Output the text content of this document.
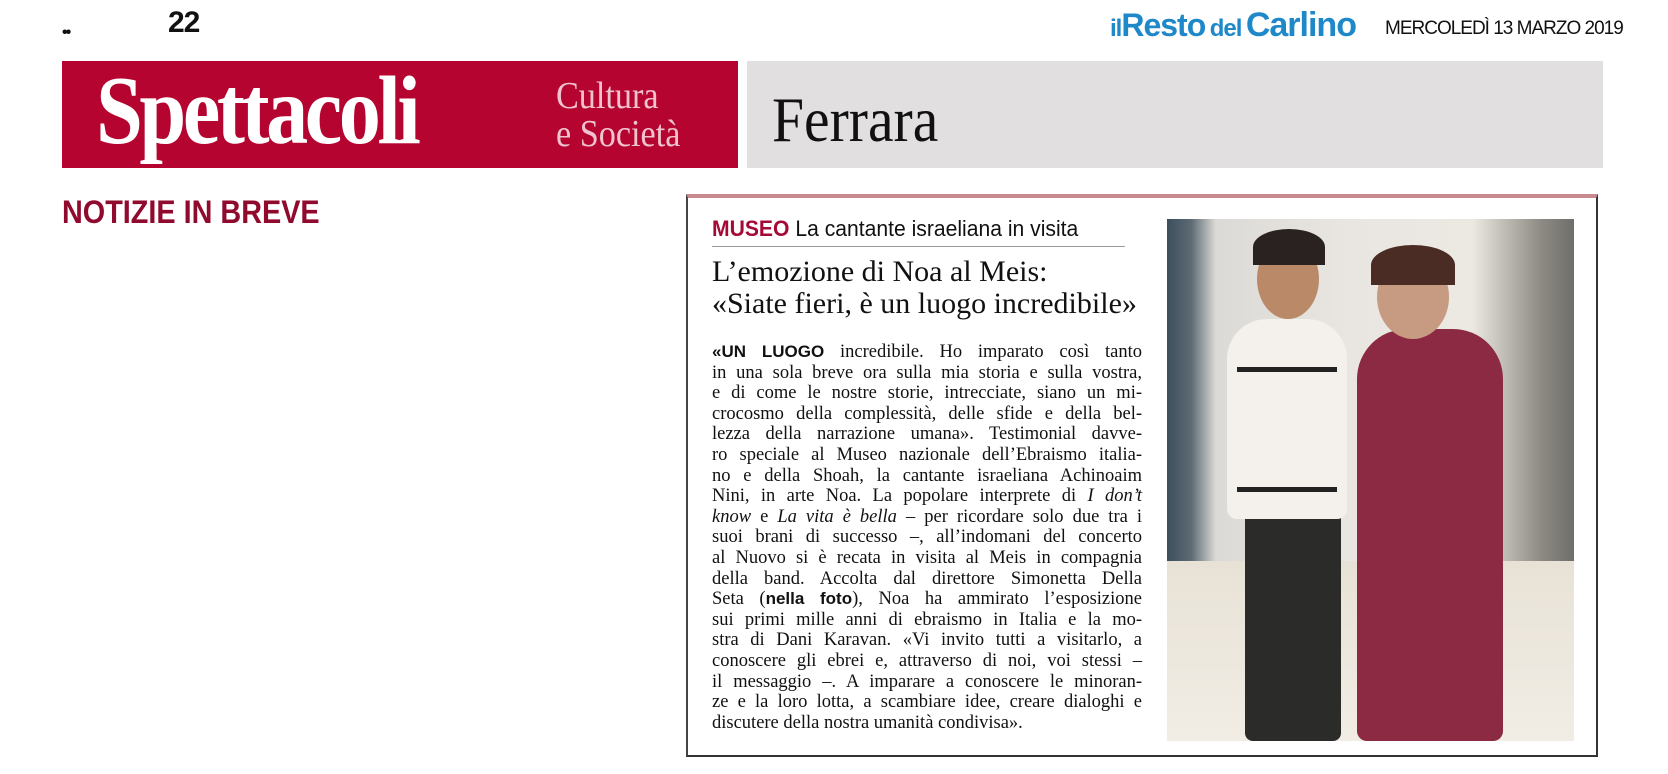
••	22	ilResto del Carlino MERCOLEDÌ 13 MARZO 2019
Spettacoli	Cultura
e Società Ferrara
NOTIZIE IN BREVE	MUSEO La cantante israeliana in visita
L’emozione di Noa al Meis:
«Siate fieri, è un luogo incredibile»
«UN LUOGO incredibile. Ho imparato così tanto
in una sola breve ora sulla mia storia e sulla vostra,
e di come le nostre storie, intrecciate, siano un mi-
crocosmo della complessità, delle sfide e della bel-
lezza della narrazione umana». Testimonial davve-
ro speciale al Museo nazionale dell’Ebraismo italia-
no e della Shoah, la cantante israeliana Achinoaim
Nini, in arte Noa. La popolare interprete di I don’t
know e La vita è bella – per ricordare solo due tra i
suoi brani di successo –, all’indomani del concerto
al Nuovo si è recata in visita al Meis in compagnia
della band. Accolta dal direttore Simonetta Della
Seta (nella foto), Noa ha ammirato l’esposizione
sui primi mille anni di ebraismo in Italia e la mo-
stra di Dani Karavan. «Vi invito tutti a visitarlo, a
conoscere gli ebrei e, attraverso di noi, voi stessi –
il messaggio –. A imparare a conoscere le minoran-
ze e la loro lotta, a scambiare idee, creare dialoghi e
discutere della nostra umanità condivisa».
